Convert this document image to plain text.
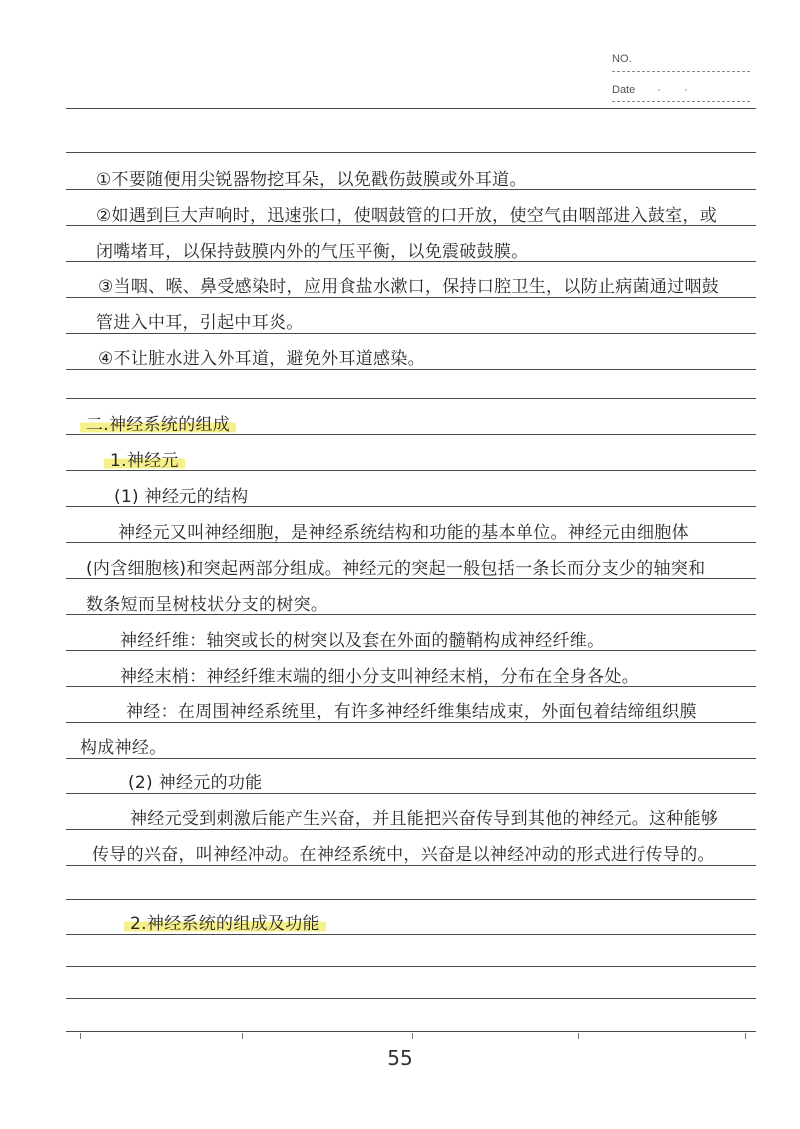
NO.
Date · ·
①不要随便用尖锐器物挖耳朵，以免戳伤鼓膜或外耳道。
②如遇到巨大声响时，迅速张口，使咽鼓管的口开放，使空气由咽部进入鼓室，或
闭嘴堵耳，以保持鼓膜内外的气压平衡，以免震破鼓膜。
③当咽、喉、鼻受感染时，应用食盐水漱口，保持口腔卫生，以防止病菌通过咽鼓
管进入中耳，引起中耳炎。
④不让脏水进入外耳道，避免外耳道感染。
二.神经系统的组成
1.神经元
(1) 神经元的结构
神经元又叫神经细胞，是神经系统结构和功能的基本单位。神经元由细胞体
(内含细胞核)和突起两部分组成。神经元的突起一般包括一条长而分支少的轴突和
数条短而呈树枝状分支的树突。
神经纤维：轴突或长的树突以及套在外面的髓鞘构成神经纤维。
神经末梢：神经纤维末端的细小分支叫神经末梢，分布在全身各处。
神经：在周围神经系统里，有许多神经纤维集结成束，外面包着结缔组织膜
构成神经。
(2) 神经元的功能
神经元受到刺激后能产生兴奋，并且能把兴奋传导到其他的神经元。这种能够
传导的兴奋，叫神经冲动。在神经系统中，兴奋是以神经冲动的形式进行传导的。
2.神经系统的组成及功能
55
